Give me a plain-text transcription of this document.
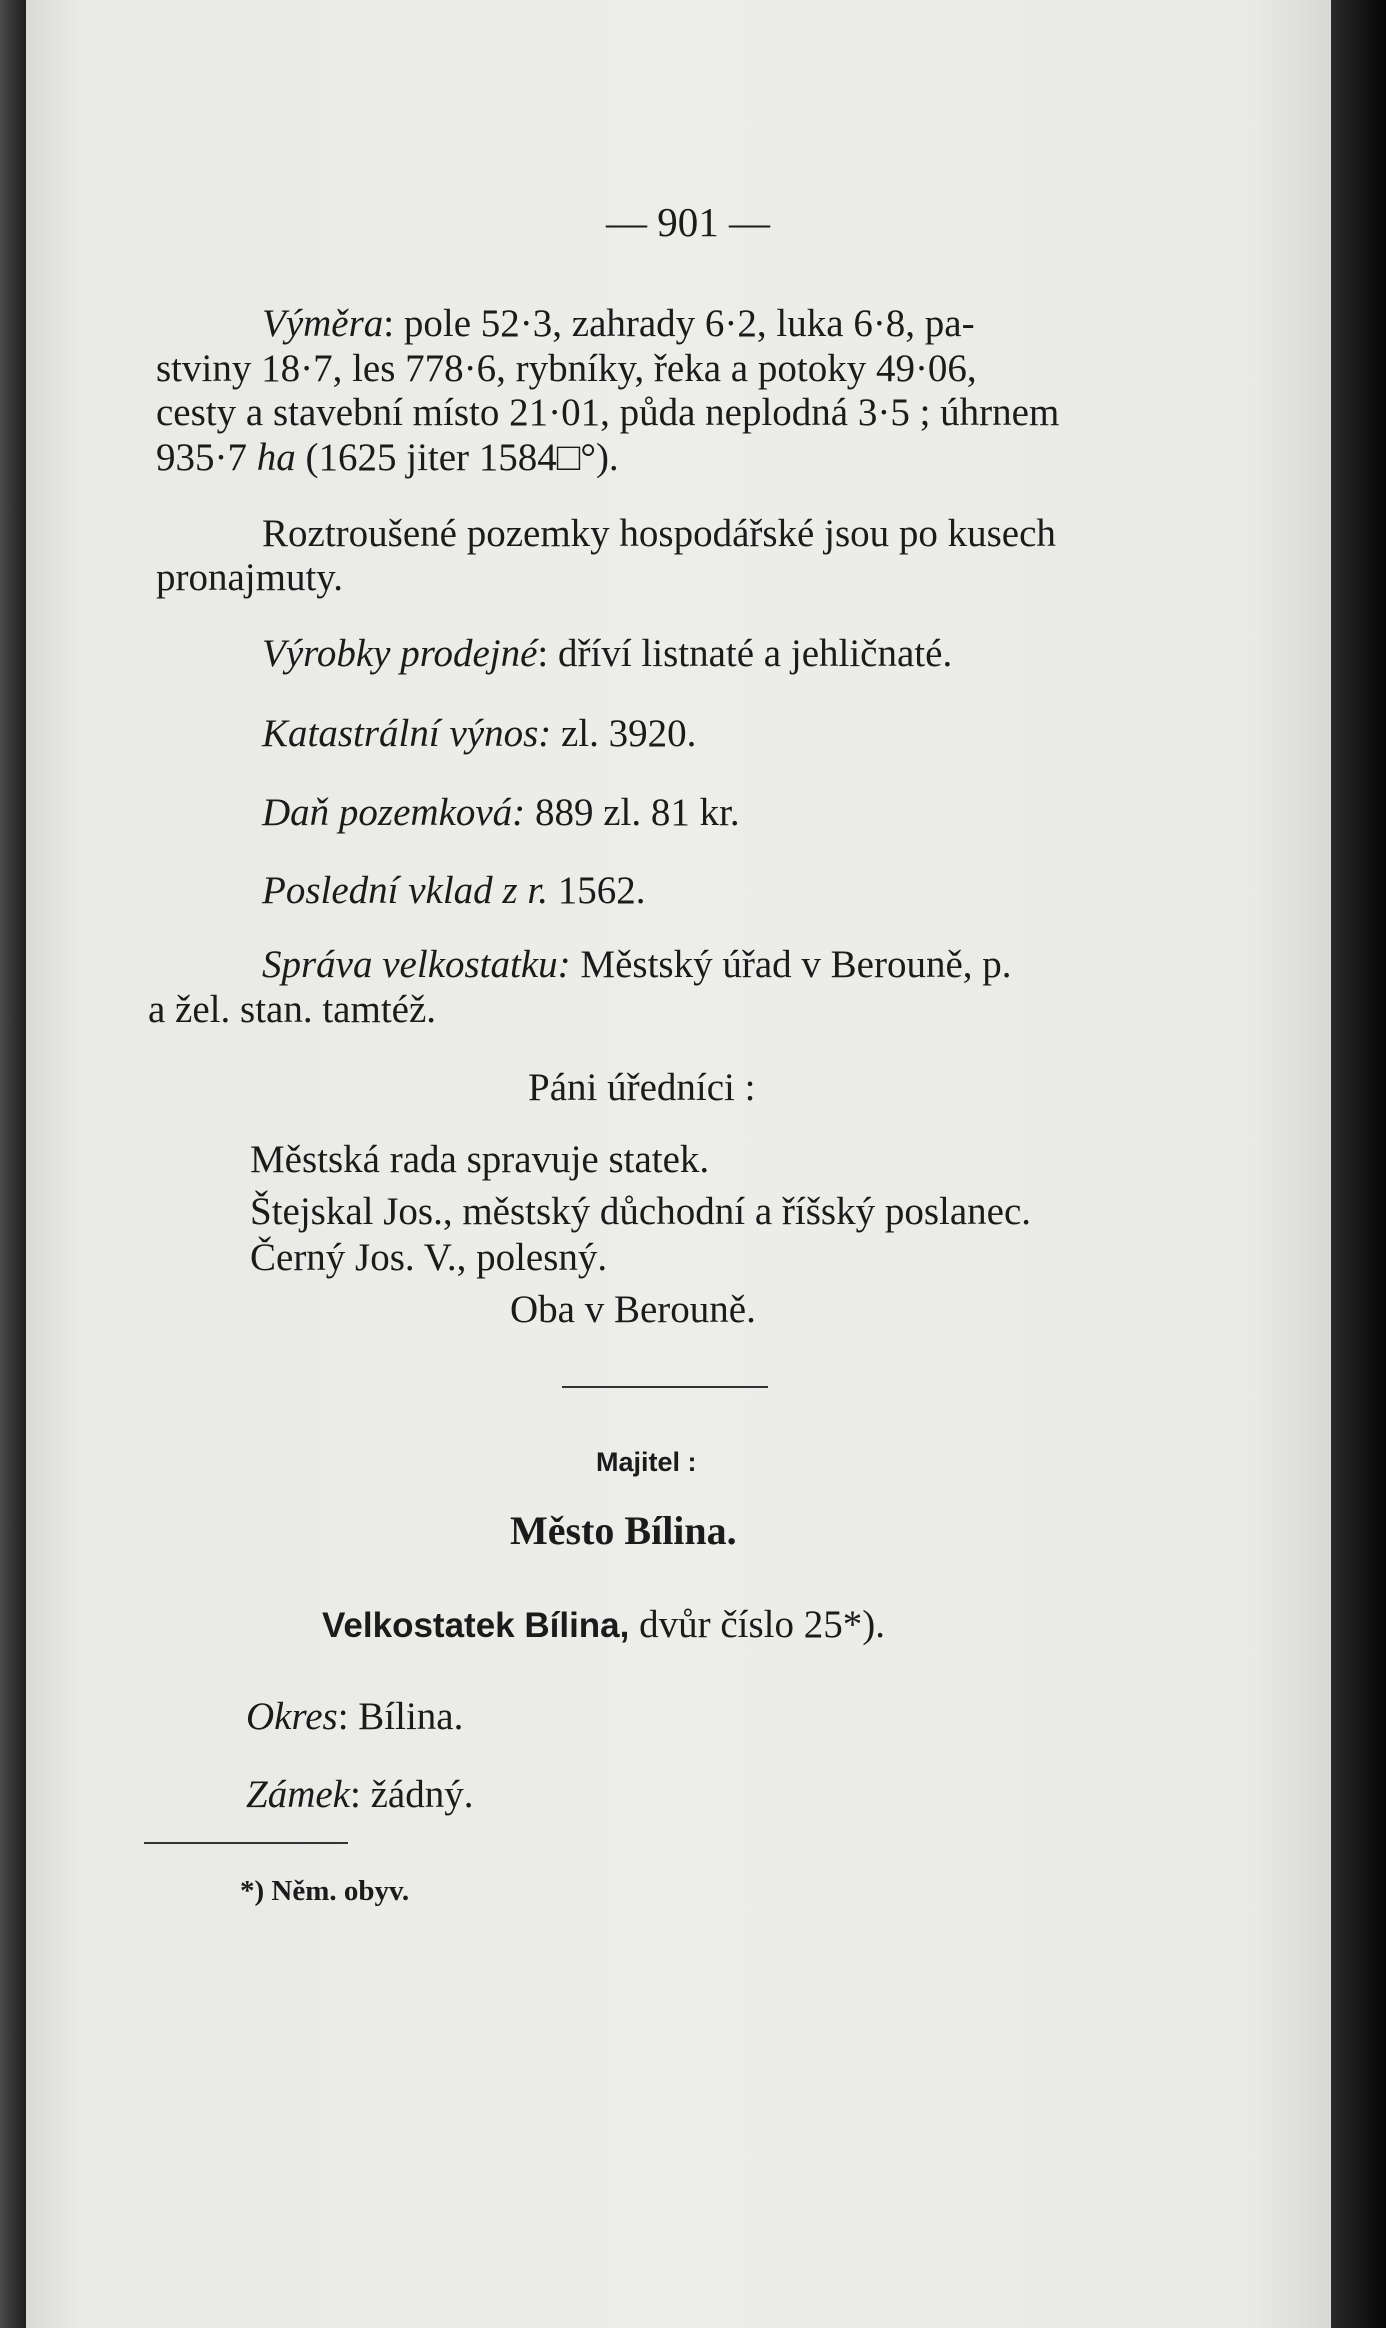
— 901 —
Výměra: pole 52·3, zahrady 6·2, luka 6·8, pa-
stviny 18·7, les 778·6, rybníky, řeka a potoky 49·06,
cesty a stavební místo 21·01, půda neplodná 3·5 ; úhrnem
935·7 ha (1625 jiter 1584□°).
Roztroušené pozemky hospodářské jsou po kusech
pronajmuty.
Výrobky prodejné: dříví listnaté a jehličnaté.
Katastrální výnos: zl. 3920.
Daň pozemková: 889 zl. 81 kr.
Poslední vklad z r. 1562.
Správa velkostatku: Městský úřad v Berouně, p.
a žel. stan. tamtéž.
Páni úředníci :
Městská rada spravuje statek.
Štejskal Jos., městský důchodní a říšský poslanec.
Černý Jos. V., polesný.
Oba v Berouně.
Majitel :
Město Bílina.
Velkostatek Bílina, dvůr číslo 25*).
Okres: Bílina.
Zámek: žádný.
*) Něm. obyv.
